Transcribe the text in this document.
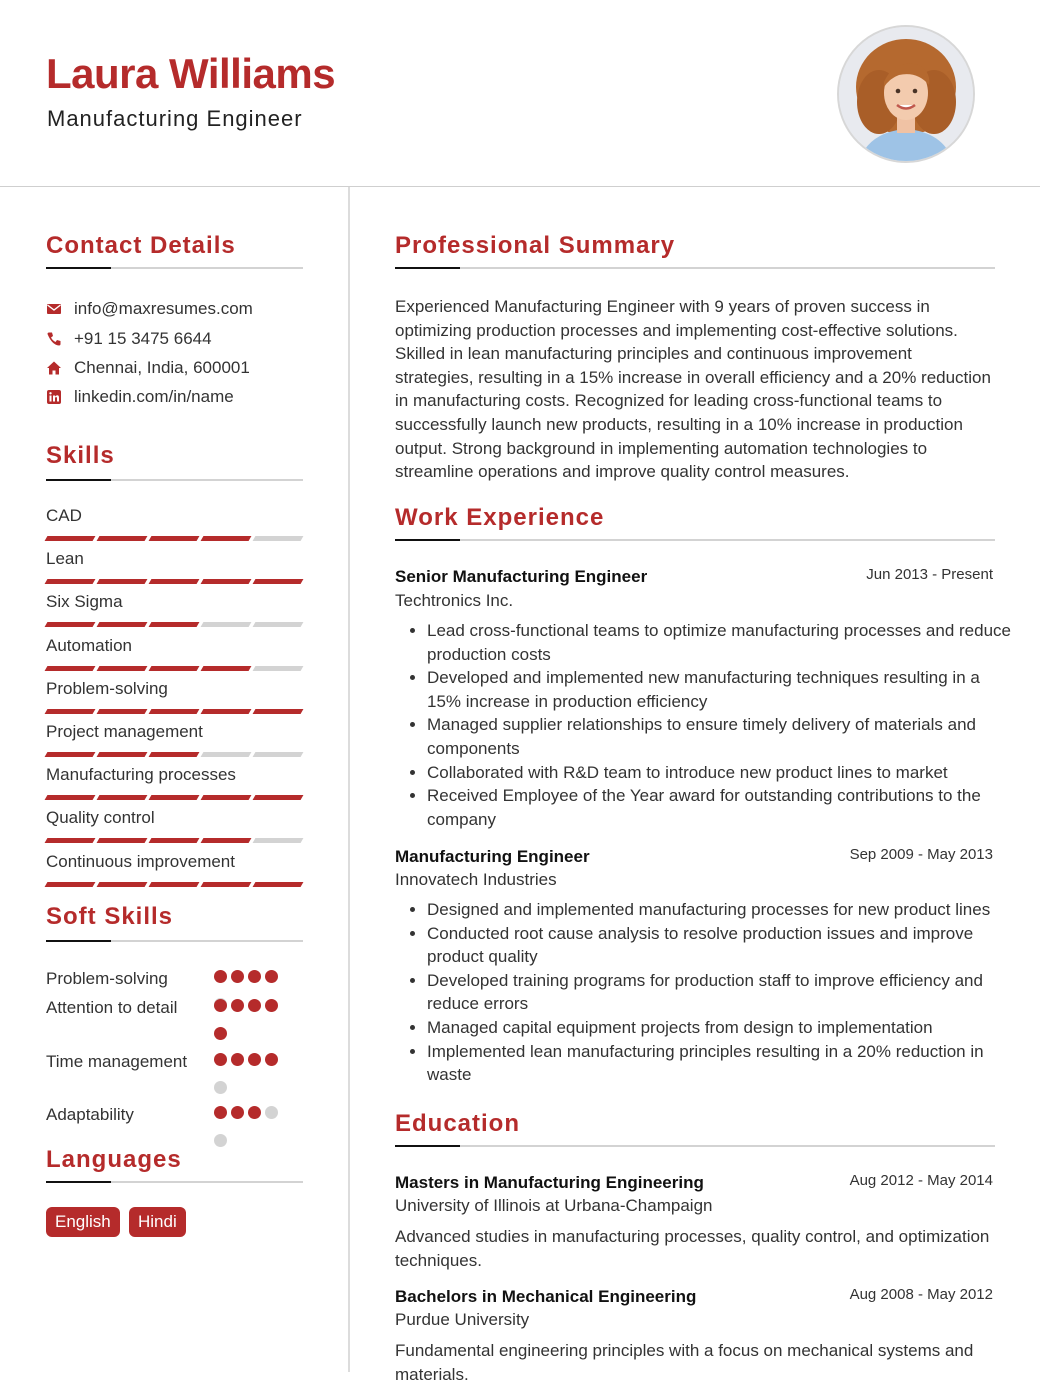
Laura Williams
Manufacturing Engineer
Contact Details
info@maxresumes.com
+91 15 3475 6644
Chennai, India, 600001
linkedin.com/in/name
Skills
CAD
Lean
Six Sigma
Automation
Problem-solving
Project management
Manufacturing processes
Quality control
Continuous improvement
Soft Skills
Problem-solving
Attention to detail
Time management
Adaptability
Languages
English	Hindi
Professional Summary
Experienced Manufacturing Engineer with 9 years of proven success in optimizing production processes and implementing cost-effective solutions. Skilled in lean manufacturing principles and continuous improvement strategies, resulting in a 15% increase in overall efficiency and a 20% reduction in manufacturing costs. Recognized for leading cross-functional teams to successfully launch new products, resulting in a 10% increase in production output. Strong background in implementing automation technologies to streamline operations and improve quality control measures.
Work Experience
Senior Manufacturing Engineer	Jun 2013 - Present
Techtronics Inc.
• Lead cross-functional teams to optimize manufacturing processes and reduce production costs
• Developed and implemented new manufacturing techniques resulting in a 15% increase in production efficiency
• Managed supplier relationships to ensure timely delivery of materials and components
• Collaborated with R&D team to introduce new product lines to market
• Received Employee of the Year award for outstanding contributions to the company
Manufacturing Engineer	Sep 2009 - May 2013
Innovatech Industries
• Designed and implemented manufacturing processes for new product lines
• Conducted root cause analysis to resolve production issues and improve product quality
• Developed training programs for production staff to improve efficiency and reduce errors
• Managed capital equipment projects from design to implementation
• Implemented lean manufacturing principles resulting in a 20% reduction in waste
Education
Masters in Manufacturing Engineering	Aug 2012 - May 2014
University of Illinois at Urbana-Champaign
Advanced studies in manufacturing processes, quality control, and optimization techniques.
Bachelors in Mechanical Engineering	Aug 2008 - May 2012
Purdue University
Fundamental engineering principles with a focus on mechanical systems and materials.
